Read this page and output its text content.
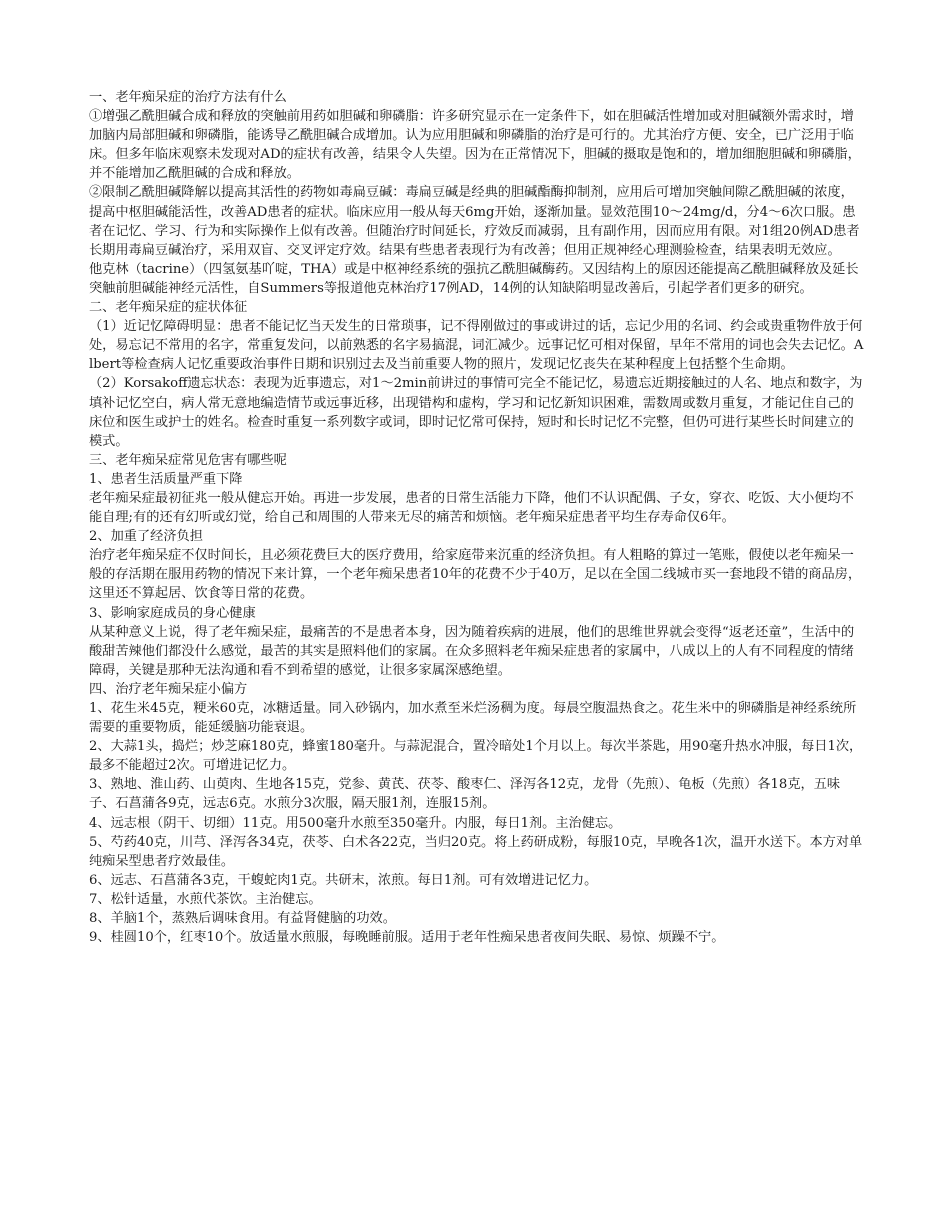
一、老年痴呆症的治疗方法有什么

①增强乙酰胆碱合成和释放的突触前用药如胆碱和卵磷脂：许多研究显示在一定条件下，如在胆碱活性增加或对胆碱额外需求时，增加脑内局部胆碱和卵磷脂，能诱导乙酰胆碱合成增加。认为应用胆碱和卵磷脂的治疗是可行的。尤其治疗方便、安全，已广泛用于临床。但多年临床观察未发现对AD的症状有改善，结果令人失望。因为在正常情况下，胆碱的摄取是饱和的，增加细胞胆碱和卵磷脂，并不能增加乙酰胆碱的合成和释放。

②限制乙酰胆碱降解以提高其活性的药物如毒扁豆碱：毒扁豆碱是经典的胆碱酯酶抑制剂，应用后可增加突触间隙乙酰胆碱的浓度，提高中枢胆碱能活性，改善AD患者的症状。临床应用一般从每天6mg开始，逐渐加量。显效范围10～24mg/d，分4～6次口服。患者在记忆、学习、行为和实际操作上似有改善。但随治疗时间延长，疗效反而减弱，且有副作用，因而应用有限。对1组20例AD患者长期用毒扁豆碱治疗，采用双盲、交叉评定疗效。结果有些患者表现行为有改善；但用正规神经心理测验检查，结果表明无效应。

他克林（tacrine）（四氢氨基吖啶，THA）或是中枢神经系统的强抗乙酰胆碱酶药。又因结构上的原因还能提高乙酰胆碱释放及延长突触前胆碱能神经元活性，自Summers等报道他克林治疗17例AD，14例的认知缺陷明显改善后，引起学者们更多的研究。

二、老年痴呆症的症状体征

（1）近记忆障碍明显：患者不能记忆当天发生的日常琐事，记不得刚做过的事或讲过的话，忘记少用的名词、约会或贵重物件放于何处，易忘记不常用的名字，常重复发问，以前熟悉的名字易搞混，词汇减少。远事记忆可相对保留，早年不常用的词也会失去记忆。Albert等检查病人记忆重要政治事件日期和识别过去及当前重要人物的照片，发现记忆丧失在某种程度上包括整个生命期。

（2）Korsakoff遗忘状态：表现为近事遗忘，对1～2min前讲过的事情可完全不能记忆，易遗忘近期接触过的人名、地点和数字，为填补记忆空白，病人常无意地编造情节或远事近移，出现错构和虚构，学习和记忆新知识困难，需数周或数月重复，才能记住自己的床位和医生或护士的姓名。检查时重复一系列数字或词，即时记忆常可保持，短时和长时记忆不完整，但仍可进行某些长时间建立的模式。

三、老年痴呆症常见危害有哪些呢

1、患者生活质量严重下降

老年痴呆症最初征兆一般从健忘开始。再进一步发展，患者的日常生活能力下降，他们不认识配偶、子女，穿衣、吃饭、大小便均不能自理;有的还有幻听或幻觉，给自己和周围的人带来无尽的痛苦和烦恼。老年痴呆症患者平均生存寿命仅6年。

2、加重了经济负担

治疗老年痴呆症不仅时间长，且必须花费巨大的医疗费用，给家庭带来沉重的经济负担。有人粗略的算过一笔账，假使以老年痴呆一般的存活期在服用药物的情况下来计算，一个老年痴呆患者10年的花费不少于40万，足以在全国二线城市买一套地段不错的商品房，这里还不算起居、饮食等日常的花费。

3、影响家庭成员的身心健康

从某种意义上说，得了老年痴呆症，最痛苦的不是患者本身，因为随着疾病的进展，他们的思维世界就会变得“返老还童”，生活中的酸甜苦辣他们都没什么感觉，最苦的其实是照料他们的家属。在众多照料老年痴呆症患者的家属中，八成以上的人有不同程度的情绪障碍，关键是那种无法沟通和看不到希望的感觉，让很多家属深感绝望。

四、治疗老年痴呆症小偏方

1、花生米45克，粳米60克，冰糖适量。同入砂锅内，加水煮至米烂汤稠为度。每晨空腹温热食之。花生米中的卵磷脂是神经系统所需要的重要物质，能延缓脑功能衰退。

2、大蒜1头，捣烂；炒芝麻180克，蜂蜜180毫升。与蒜泥混合，置冷暗处1个月以上。每次半茶匙，用90毫升热水冲服，每日1次，最多不能超过2次。可增进记忆力。

3、熟地、淮山药、山萸肉、生地各15克，党参、黄芪、茯苓、酸枣仁、泽泻各12克，龙骨（先煎）、龟板（先煎）各18克，五味子、石菖蒲各9克，远志6克。水煎分3次服，隔天服1剂，连服15剂。

4、远志根（阴干、切细）11克。用500毫升水煎至350毫升。内服，每日1剂。主治健忘。

5、芍药40克，川芎、泽泻各34克，茯苓、白术各22克，当归20克。将上药研成粉，每服10克，早晚各1次，温开水送下。本方对单纯痴呆型患者疗效最佳。

6、远志、石菖蒲各3克，干蝮蛇肉1克。共研末，浓煎。每日1剂。可有效增进记忆力。

7、松针适量，水煎代茶饮。主治健忘。

8、羊脑1个，蒸熟后调味食用。有益肾健脑的功效。

9、桂圆10个，红枣10个。放适量水煎服，每晚睡前服。适用于老年性痴呆患者夜间失眠、易惊、烦躁不宁。
